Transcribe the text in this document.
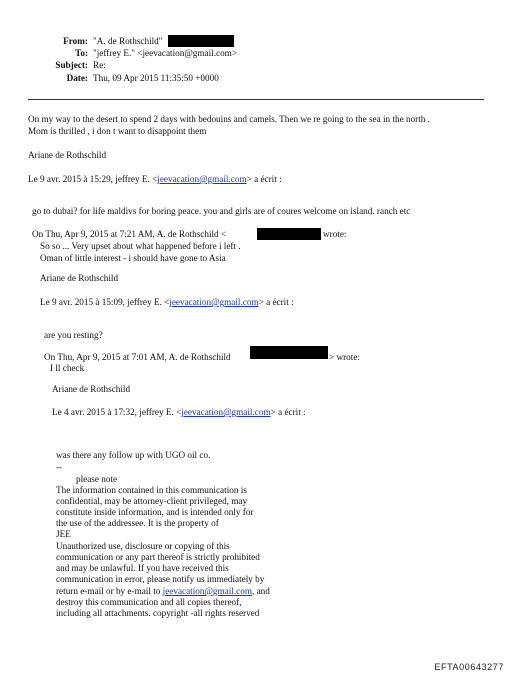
From: "A. de Rothschild"
To: "jeffrey E." <jeevacation@gmail.com>
Subject: Re:
Date: Thu, 09 Apr 2015 11:35:50 +0000
On my way to the desert to spend 2 days with bedouins and camels. Then we re going to the sea in the north .
Mom is thrilled , i don t want to disappoint them
Ariane de Rothschild
Le 9 avr. 2015 à 15:29, jeffrey E. <jeevacation@gmail.com> a écrit :
go to dubai? for life maldivs for boring peace. you and girls are of coures welcome on island. ranch etc
On Thu, Apr 9, 2015 at 7:21 AM, A. de Rothschild <	wrote:
So so ... Very upset about what happened before i left .
Oman of little interest - i should have gone to Asia
Ariane de Rothschild
Le 9 avr. 2015 à 15:09, jeffrey E. <jeevacation@gmail.com> a écrit :
are you resting?
On Thu, Apr 9, 2015 at 7:01 AM, A. de Rothschild	> wrote:
I ll check
Ariane de Rothschild
Le 4 avr. 2015 à 17:32, jeffrey E. <jeevacation@gmail.com> a écrit :
was there any follow up with UGO oil co.
--
please note
The information contained in this communication is
confidential, may be attorney-client privileged, may
constitute inside information, and is intended only for
the use of the addressee. It is the property of
JEE
Unauthorized use, disclosure or copying of this
communication or any part thereof is strictly prohibited
and may be unlawful. If you have received this
communication in error, please notify us immediately by
return e-mail or by e-mail to jeevacation@gmail.com, and
destroy this communication and all copies thereof,
including all attachments. copyright -all rights reserved
EFTA00643277
